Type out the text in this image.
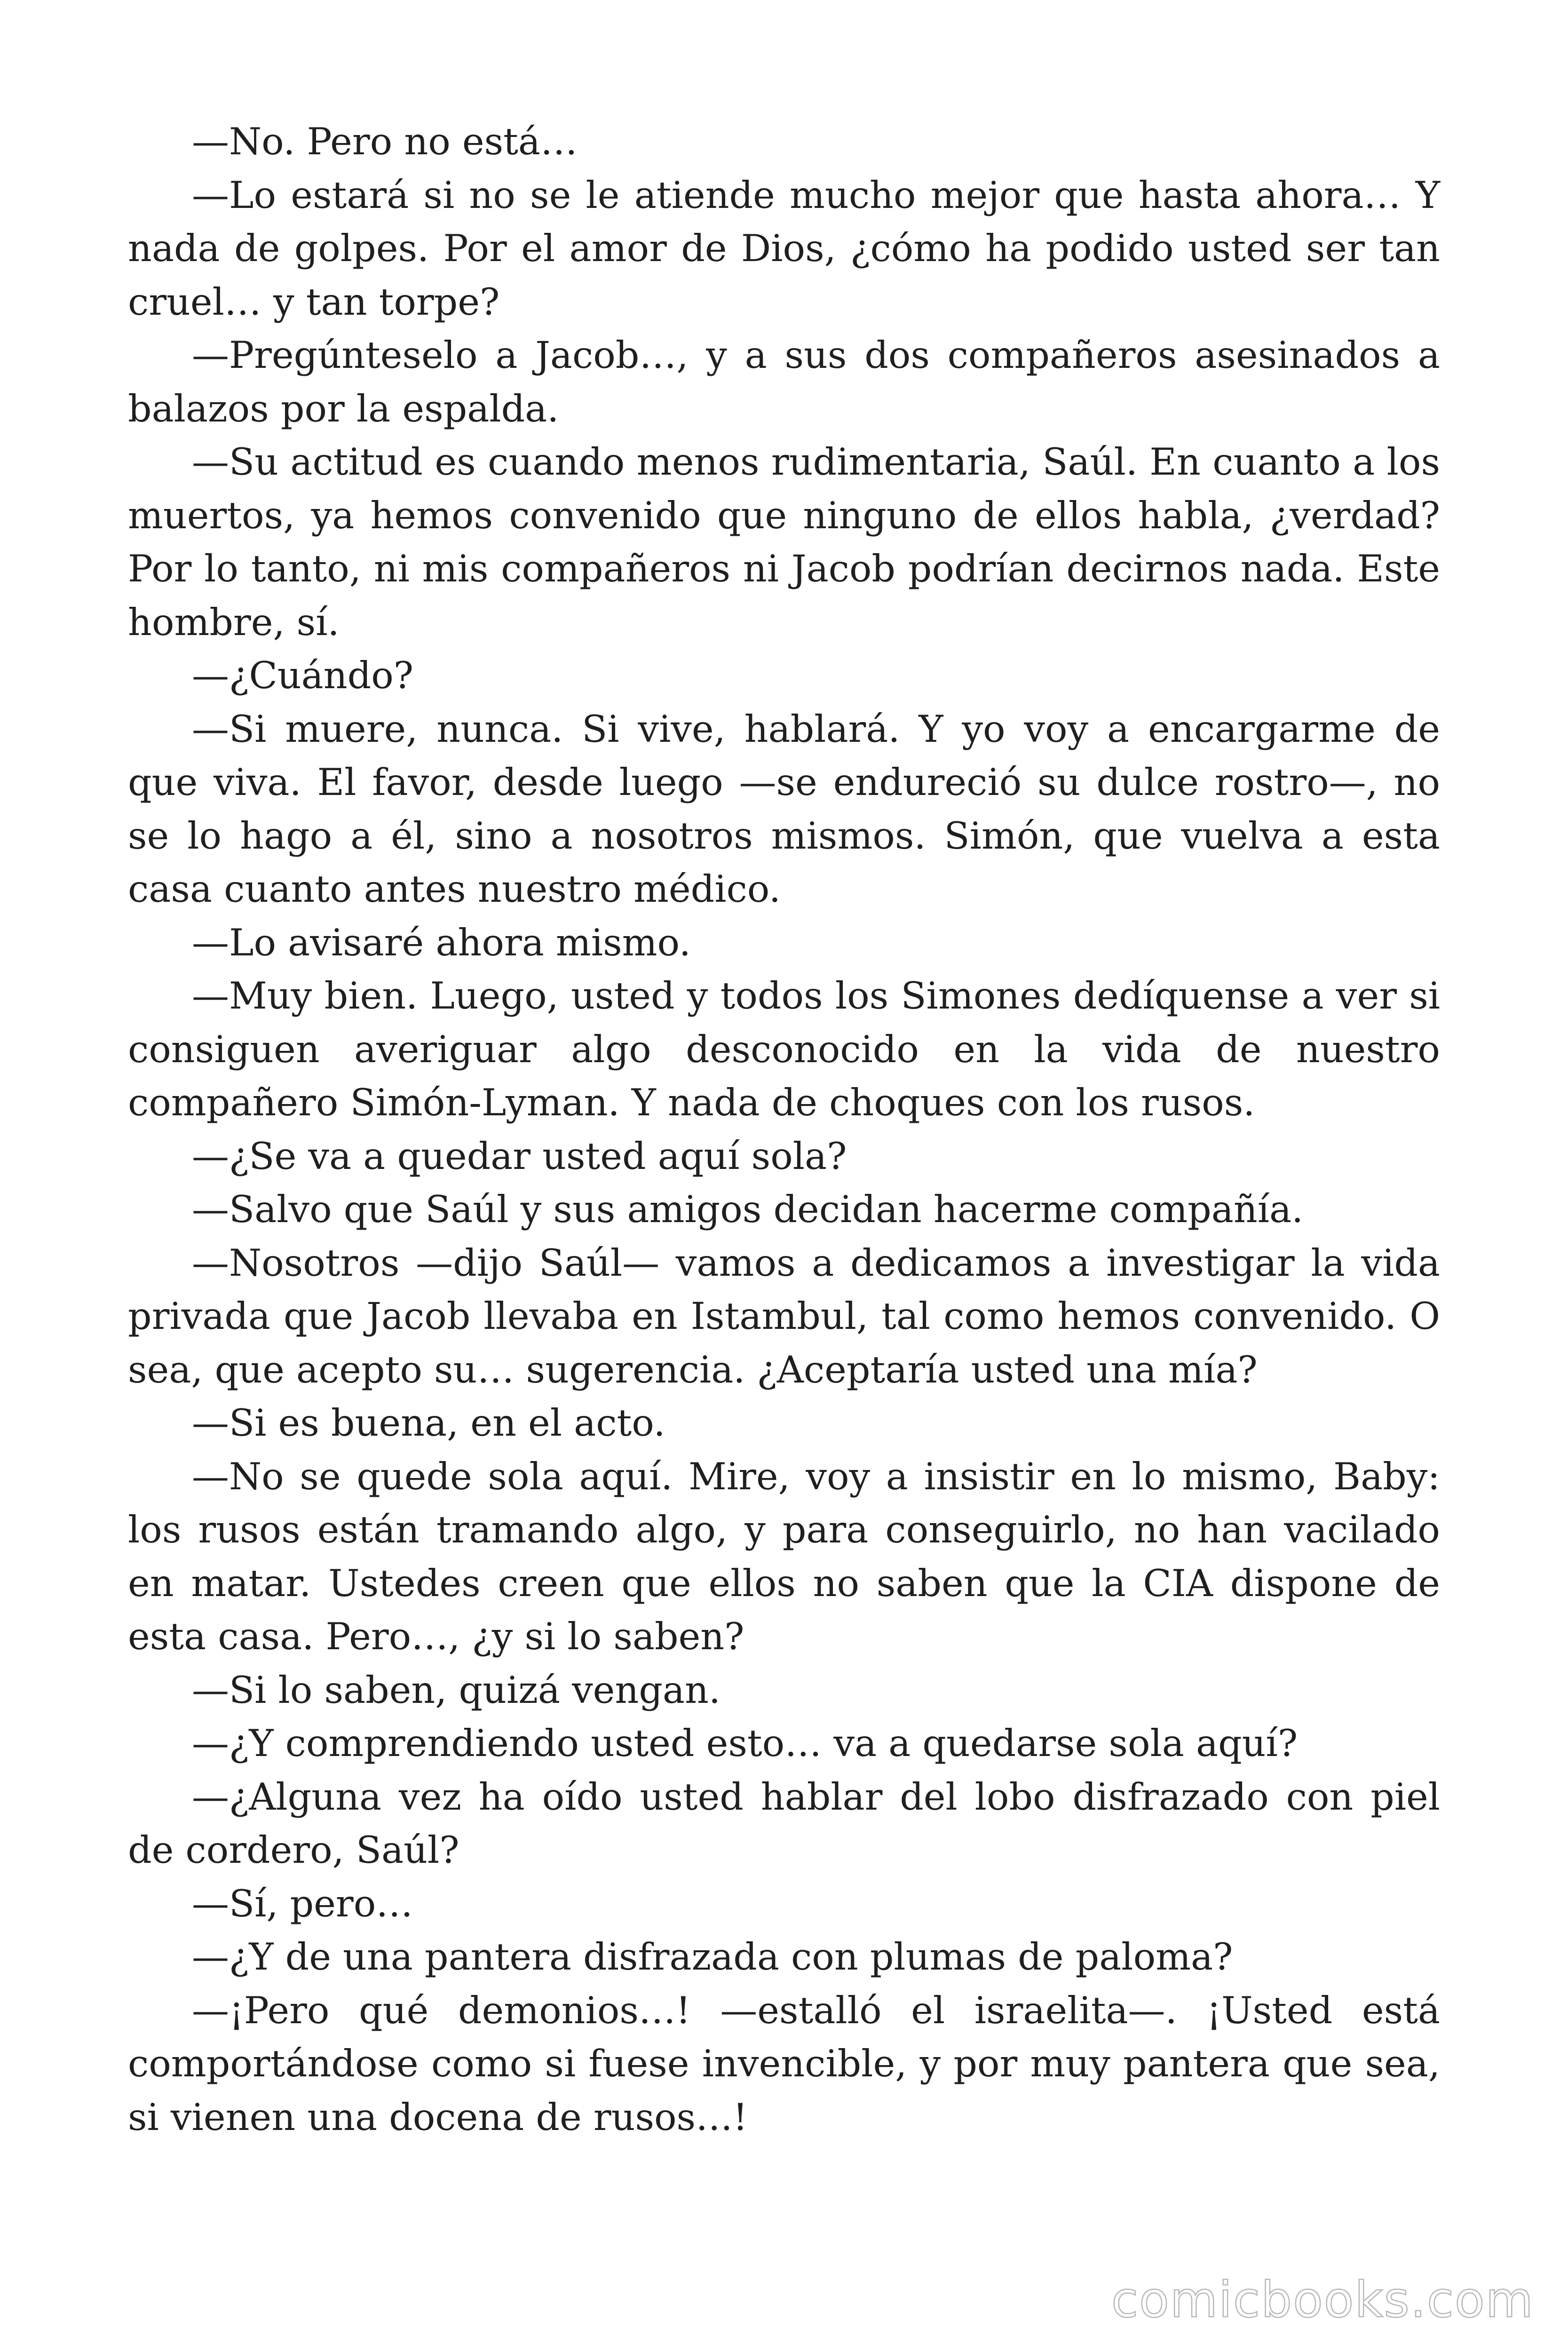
—No. Pero no está…

—Lo estará si no se le atiende mucho mejor que hasta ahora… Y nada de golpes. Por el amor de Dios, ¿cómo ha podido usted ser tan cruel… y tan torpe?

—Pregúnteselo a Jacob…, y a sus dos compañeros asesinados a balazos por la espalda.

—Su actitud es cuando menos rudimentaria, Saúl. En cuanto a los muertos, ya hemos convenido que ninguno de ellos habla, ¿verdad? Por lo tanto, ni mis compañeros ni Jacob podrían decirnos nada. Este hombre, sí.

—¿Cuándo?

—Si muere, nunca. Si vive, hablará. Y yo voy a encargarme de que viva. El favor, desde luego —se endureció su dulce rostro—, no se lo hago a él, sino a nosotros mismos. Simón, que vuelva a esta casa cuanto antes nuestro médico.

—Lo avisaré ahora mismo.

—Muy bien. Luego, usted y todos los Simones dedíquense a ver si consiguen averiguar algo desconocido en la vida de nuestro compañero Simón-Lyman. Y nada de choques con los rusos.

—¿Se va a quedar usted aquí sola?

—Salvo que Saúl y sus amigos decidan hacerme compañía.

—Nosotros —dijo Saúl— vamos a dedicamos a investigar la vida privada que Jacob llevaba en Istambul, tal como hemos convenido. O sea, que acepto su… sugerencia. ¿Aceptaría usted una mía?

—Si es buena, en el acto.

—No se quede sola aquí. Mire, voy a insistir en lo mismo, Baby: los rusos están tramando algo, y para conseguirlo, no han vacilado en matar. Ustedes creen que ellos no saben que la CIA dispone de esta casa. Pero…, ¿y si lo saben?

—Si lo saben, quizá vengan.

—¿Y comprendiendo usted esto… va a quedarse sola aquí?

—¿Alguna vez ha oído usted hablar del lobo disfrazado con piel de cordero, Saúl?

—Sí, pero…

—¿Y de una pantera disfrazada con plumas de paloma?

—¡Pero qué demonios…! —estalló el israelita—. ¡Usted está comportándose como si fuese invencible, y por muy pantera que sea, si vienen una docena de rusos…!

comicbooks.com
